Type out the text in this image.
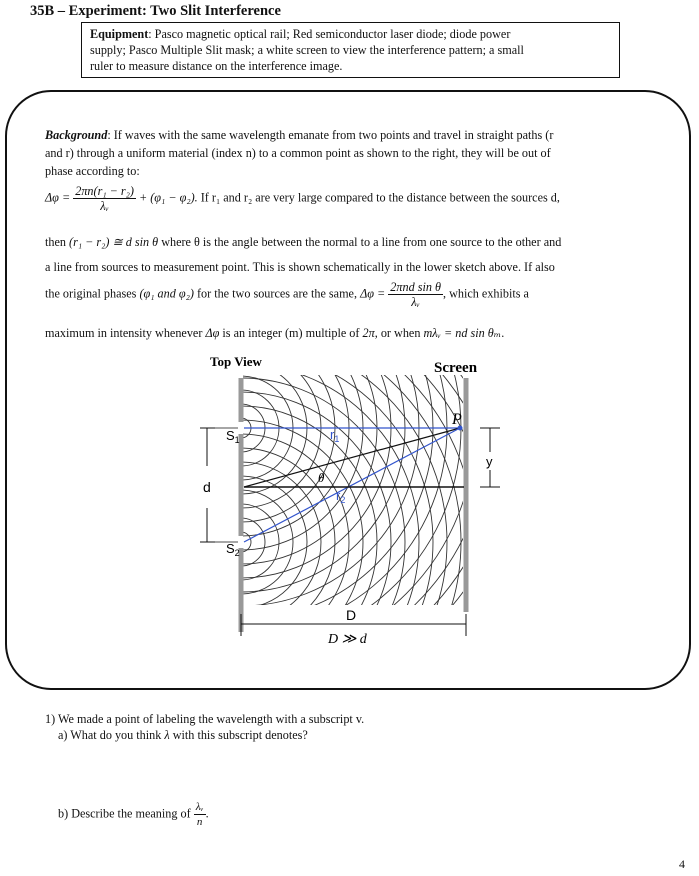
35B – Experiment: Two Slit Interference
Equipment: Pasco magnetic optical rail; Red semiconductor laser diode; diode power
supply; Pasco Multiple Slit mask; a white screen to view the interference pattern; a small
ruler to measure distance on the interference image.
Background: If waves with the same wavelength emanate from two points and travel in straight paths (r
and r) through a uniform material (index n) to a common point as shown to the right, they will be out of
phase according to:
$\Delta\varphi = \frac{\text{2πn(r₁ − r₂)}}{\text{λᵥ}} + (\varphi_1 - \varphi_2)$. If r₁ and r₂ are very large compared to the distance between the sources d,
then (r₁ − r₂) ≅ d sin θ where θ is the angle between the normal to a line from one source to the other and
a line from sources to measurement point. This is shown schematically in the lower sketch above. If also
the original phases (φ₁ and φ₂) for the two sources are the same, $\Delta\varphi = \frac{\text{2πnd sin θ}}{\text{λᵥ}}$ , which exhibits a
maximum in intensity whenever Δφ is an integer (m) multiple of 2π, or when mλᵥ = nd sin θₘ.
Top View	Screen
$S_1$
$S_2$
d
$r_1$
$r_2$
θ
P
y
D
D ≫ d
1) We made a point of labeling the wavelength with a subscript v.
a) What do you think λ with this subscript denotes?
b) Describe the meaning of $\frac{\text{λᵥ}}{n}$ .
4
